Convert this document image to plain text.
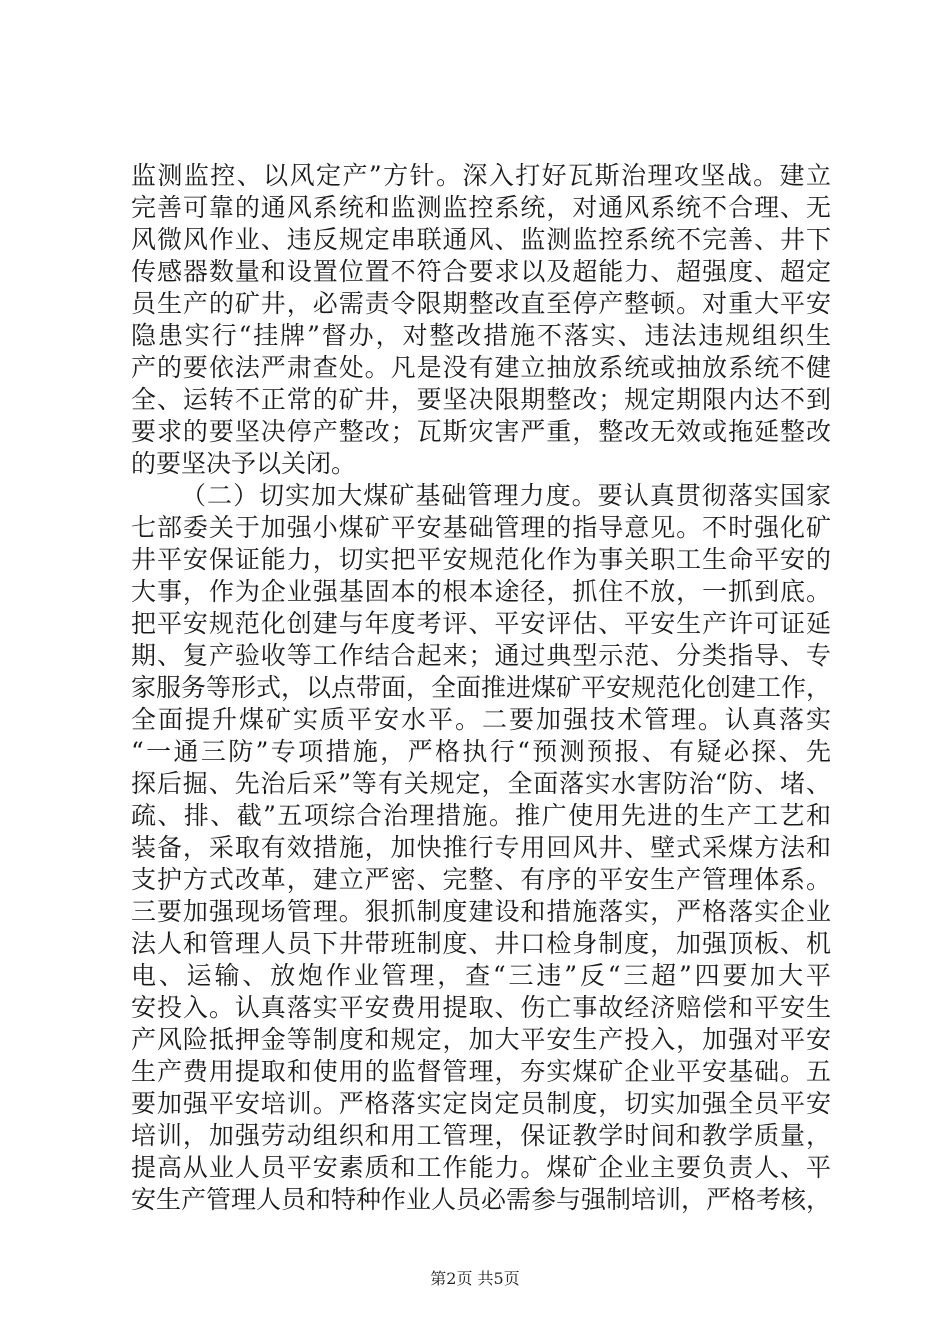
监测监控、以风定产”方针。深入打好瓦斯治理攻坚战。建立
完善可靠的通风系统和监测监控系统，对通风系统不合理、无
风微风作业、违反规定串联通风、监测监控系统不完善、井下
传感器数量和设置位置不符合要求以及超能力、超强度、超定
员生产的矿井，必需责令限期整改直至停产整顿。对重大平安
隐患实行“挂牌”督办，对整改措施不落实、违法违规组织生
产的要依法严肃查处。凡是没有建立抽放系统或抽放系统不健
全、运转不正常的矿井，要坚决限期整改；规定期限内达不到
要求的要坚决停产整改；瓦斯灾害严重，整改无效或拖延整改
的要坚决予以关闭。
（二）切实加大煤矿基础管理力度。要认真贯彻落实国家
七部委关于加强小煤矿平安基础管理的指导意见。不时强化矿
井平安保证能力，切实把平安规范化作为事关职工生命平安的
大事，作为企业强基固本的根本途径，抓住不放，一抓到底。
把平安规范化创建与年度考评、平安评估、平安生产许可证延
期、复产验收等工作结合起来；通过典型示范、分类指导、专
家服务等形式，以点带面，全面推进煤矿平安规范化创建工作，
全面提升煤矿实质平安水平。二要加强技术管理。认真落实
“一通三防”专项措施，严格执行“预测预报、有疑必探、先
探后掘、先治后采”等有关规定，全面落实水害防治“防、堵、
疏、排、截”五项综合治理措施。推广使用先进的生产工艺和
装备，采取有效措施，加快推行专用回风井、壁式采煤方法和
支护方式改革，建立严密、完整、有序的平安生产管理体系。
三要加强现场管理。狠抓制度建设和措施落实，严格落实企业
法人和管理人员下井带班制度、井口检身制度，加强顶板、机
电、运输、放炮作业管理，查“三违”反“三超”四要加大平
安投入。认真落实平安费用提取、伤亡事故经济赔偿和平安生
产风险抵押金等制度和规定，加大平安生产投入，加强对平安
生产费用提取和使用的监督管理，夯实煤矿企业平安基础。五
要加强平安培训。严格落实定岗定员制度，切实加强全员平安
培训，加强劳动组织和用工管理，保证教学时间和教学质量，
提高从业人员平安素质和工作能力。煤矿企业主要负责人、平
安生产管理人员和特种作业人员必需参与强制培训，严格考核，
第2页 共5页
